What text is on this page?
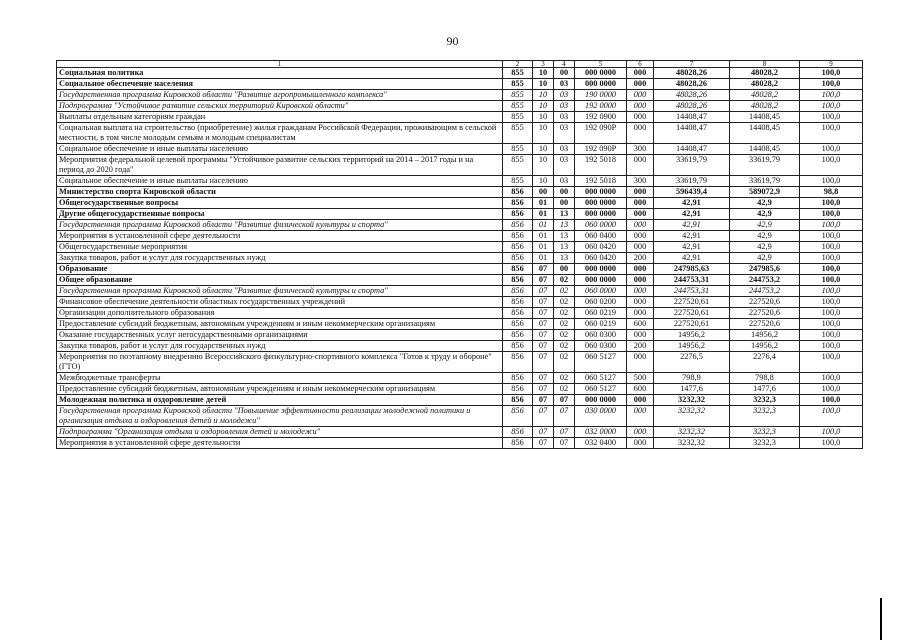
90
1	2	3	4	5	6	7	8	9
Социальная политика	855	10	00	000 0000	000	48028,26	48028,2	100,0
Социальное обеспечение населения	855	10	03	000 0000	000	48028,26	48028,2	100,0
Государственная программа Кировской области "Развитие агропромышленного комплекса"	855	10	03	190 0000	000	48028,26	48028,2	100,0
Подпрограмма "Устойчивое развитие сельских территорий Кировской области"	855	10	03	192 0000	000	48028,26	48028,2	100,0
Выплаты отдельным категориям граждан	855	10	03	192 0900	000	14408,47	14408,45	100,0
Социальная выплата на строительство (приобретение) жилья гражданам Российской Федерации, проживающим в сельской местности, в том числе молодым семьям и молодым специалистам	855	10	03	192 090Р	000	14408,47	14408,45	100,0
Социальное обеспечение и иные выплаты населению	855	10	03	192 090Р	300	14408,47	14408,45	100,0
Мероприятия федеральной целевой программы "Устойчивое развитие сельских территорий на 2014 – 2017 годы и на период до 2020 года"	855	10	03	192 5018	000	33619,79	33619,79	100,0
Социальное обеспечение и иные выплаты населению	855	10	03	192 5018	300	33619,79	33619,79	100,0
Министерство спорта Кировской области	856	00	00	000 0000	000	596439,4	589072,9	98,8
Общегосударственные вопросы	856	01	00	000 0000	000	42,91	42,9	100,0
Другие общегосударственные вопросы	856	01	13	000 0000	000	42,91	42,9	100,0
Государственная программа Кировской области "Развитие физической культуры и спорта"	856	01	13	060 0000	000	42,91	42,9	100,0
Мероприятия в установленной сфере деятельности	856	01	13	060 0400	000	42,91	42,9	100,0
Общегосударственные мероприятия	856	01	13	060 0420	000	42,91	42,9	100,0
Закупка товаров, работ и услуг для государственных нужд	856	01	13	060 0420	200	42,91	42,9	100,0
Образование	856	07	00	000 0000	000	247985,63	247985,6	100,0
Общее образование	856	07	02	000 0000	000	244753,31	244753,2	100,0
Государственная программа Кировской области "Развитие физической культуры и спорта"	856	07	02	060 0000	000	244753,31	244753,2	100,0
Финансовое обеспечение деятельности областных государственных учреждений	856	07	02	060 0200	000	227520,61	227520,6	100,0
Организации дополнительного образования	856	07	02	060 0219	000	227520,61	227520,6	100,0
Предоставление субсидий бюджетным, автономным учреждениям и иным некоммерческим организациям	856	07	02	060 0219	600	227520,61	227520,6	100,0
Оказание государственных услуг негосударственными организациями	856	07	02	060 0300	000	14956,2	14956,2	100,0
Закупка товаров, работ и услуг для государственных нужд	856	07	02	060 0300	200	14956,2	14956,2	100,0
Мероприятия по поэтапному внедрению Всероссийского физкультурно-спортивного комплекса "Готов к труду и обороне" (ГТО)	856	07	02	060 5127	000	2276,5	2276,4	100,0
Межбюджетные трансферты	856	07	02	060 5127	500	798,9	798,8	100,0
Предоставление субсидий бюджетным, автономным учреждениям и иным некоммерческим организациям	856	07	02	060 5127	600	1477,6	1477,6	100,0
Молодежная политика и оздоровление детей	856	07	07	000 0000	000	3232,32	3232,3	100,0
Государственная программа Кировской области "Повышение эффективности реализации молодежной политики и организация отдыха и оздоровления детей и молодежи"	856	07	07	030 0000	000	3232,32	3232,3	100,0
Подпрограмма "Организация отдыха и оздоровления детей и молодежи"	856	07	07	032 0000	000	3232,32	3232,3	100,0
Мероприятия в установленной сфере деятельности	856	07	07	032 0400	000	3232,32	3232,3	100,0
